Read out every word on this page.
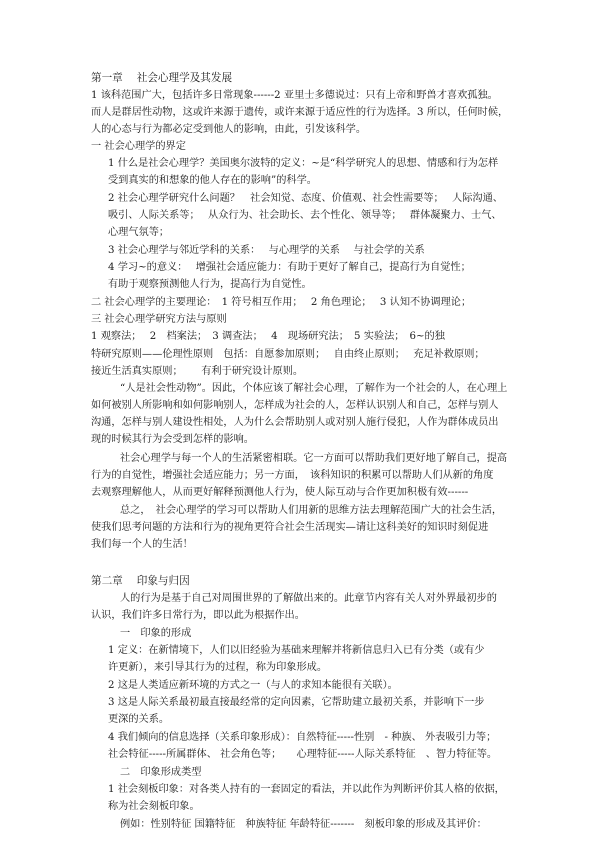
第一章　 社会心理学及其发展
1 该科范围广大，包括许多日常现象------2 亚里士多德说过：只有上帝和野兽才喜欢孤独。
而人是群居性动物，这或许来源于遗传，或许来源于适应性的行为选择。3 所以，任何时候，
人的心态与行为都必定受到他人的影响，由此，引发该科学。
一 社会心理学的界定
1 什么是社会心理学？美国奥尔波特的定义：~是“科学研究人的思想、情感和行为怎样
受到真实的和想象的他人存在的影响”的科学。
2 社会心理学研究什么问题？　社会知觉、态度、价值观、社会性需要等；　 人际沟通、
吸引、人际关系等；　 从众行为、社会助长、去个性化、领导等；　 群体凝聚力、士气、
心理气氛等；
3 社会心理学与邻近学科的关系：　 与心理学的关系　 与社会学的关系
4 学习~的意义：　 增强社会适应能力：有助于更好了解自己，提高行为自觉性；
有助于观察预测他人行为，提高行为自觉性。
二 社会心理学的主要理论：　1 符号相互作用；　 2 角色理论；　 3 认知不协调理论；
三 社会心理学研究方法与原则
1 观察法；　 2　档案法；　3 调查法；　 4　现场研究法；　5 实验法；　6~的独
特研究原则——伦理性原则　包括：自愿参加原则；　 自由终止原则；　 充足补救原则；
接近生活真实原则；　　 有利于研究设计原则。
“人是社会性动物”。因此，个体应该了解社会心理，了解作为一个社会的人，在心理上
如何被别人所影响和如何影响别人，怎样成为社会的人，怎样认识别人和自己，怎样与别人
沟通，怎样与别人建设性相处，人为什么会帮助别人或对别人施行侵犯，人作为群体成员出
现的时候其行为会受到怎样的影响。
社会心理学与每一个人的生活紧密相联。它一方面可以帮助我们更好地了解自己，提高
行为的自觉性，增强社会适应能力；另一方面，　该科知识的积累可以帮助人们从新的角度
去观察理解他人，从而更好解释预测他人行为，使人际互动与合作更加积极有效------
总之，　社会心理学的学习可以帮助人们用新的思维方法去理解范围广大的社会生活，
使我们思考问题的方法和行为的视角更符合社会生活现实—请让这科美好的知识时刻促进
我们每一个人的生活！
第二章　 印象与归因
人的行为是基于自己对周围世界的了解做出来的。此章节内容有关人对外界最初步的
认识，我们许多日常行为，即以此为根据作出。
一　印象的形成
1 定义：在新情境下，人们以旧经验为基础来理解并将新信息归入已有分类（或有少
许更新），来引导其行为的过程，称为印象形成。
2 这是人类适应新环境的方式之一（与人的求知本能很有关联）。
3 这是人际关系最初最直接最经常的定向因素，它帮助建立最初关系，并影响下一步
更深的关系。
4 我们倾向的信息选择（关系印象形成）：自然特征-----性别　- 种族、 外表吸引力等；
社会特征-----所属群体、 社会角色等；　　心理特征-----人际关系特征　、智力特征等。
二　印象形成类型
1 社会刻板印象：对各类人持有的一套固定的看法，并以此作为判断评价其人格的依据，
称为社会刻板印象。
例如：性别特征 国籍特征　种族特征 年龄特征-------　刻板印象的形成及其评价：
